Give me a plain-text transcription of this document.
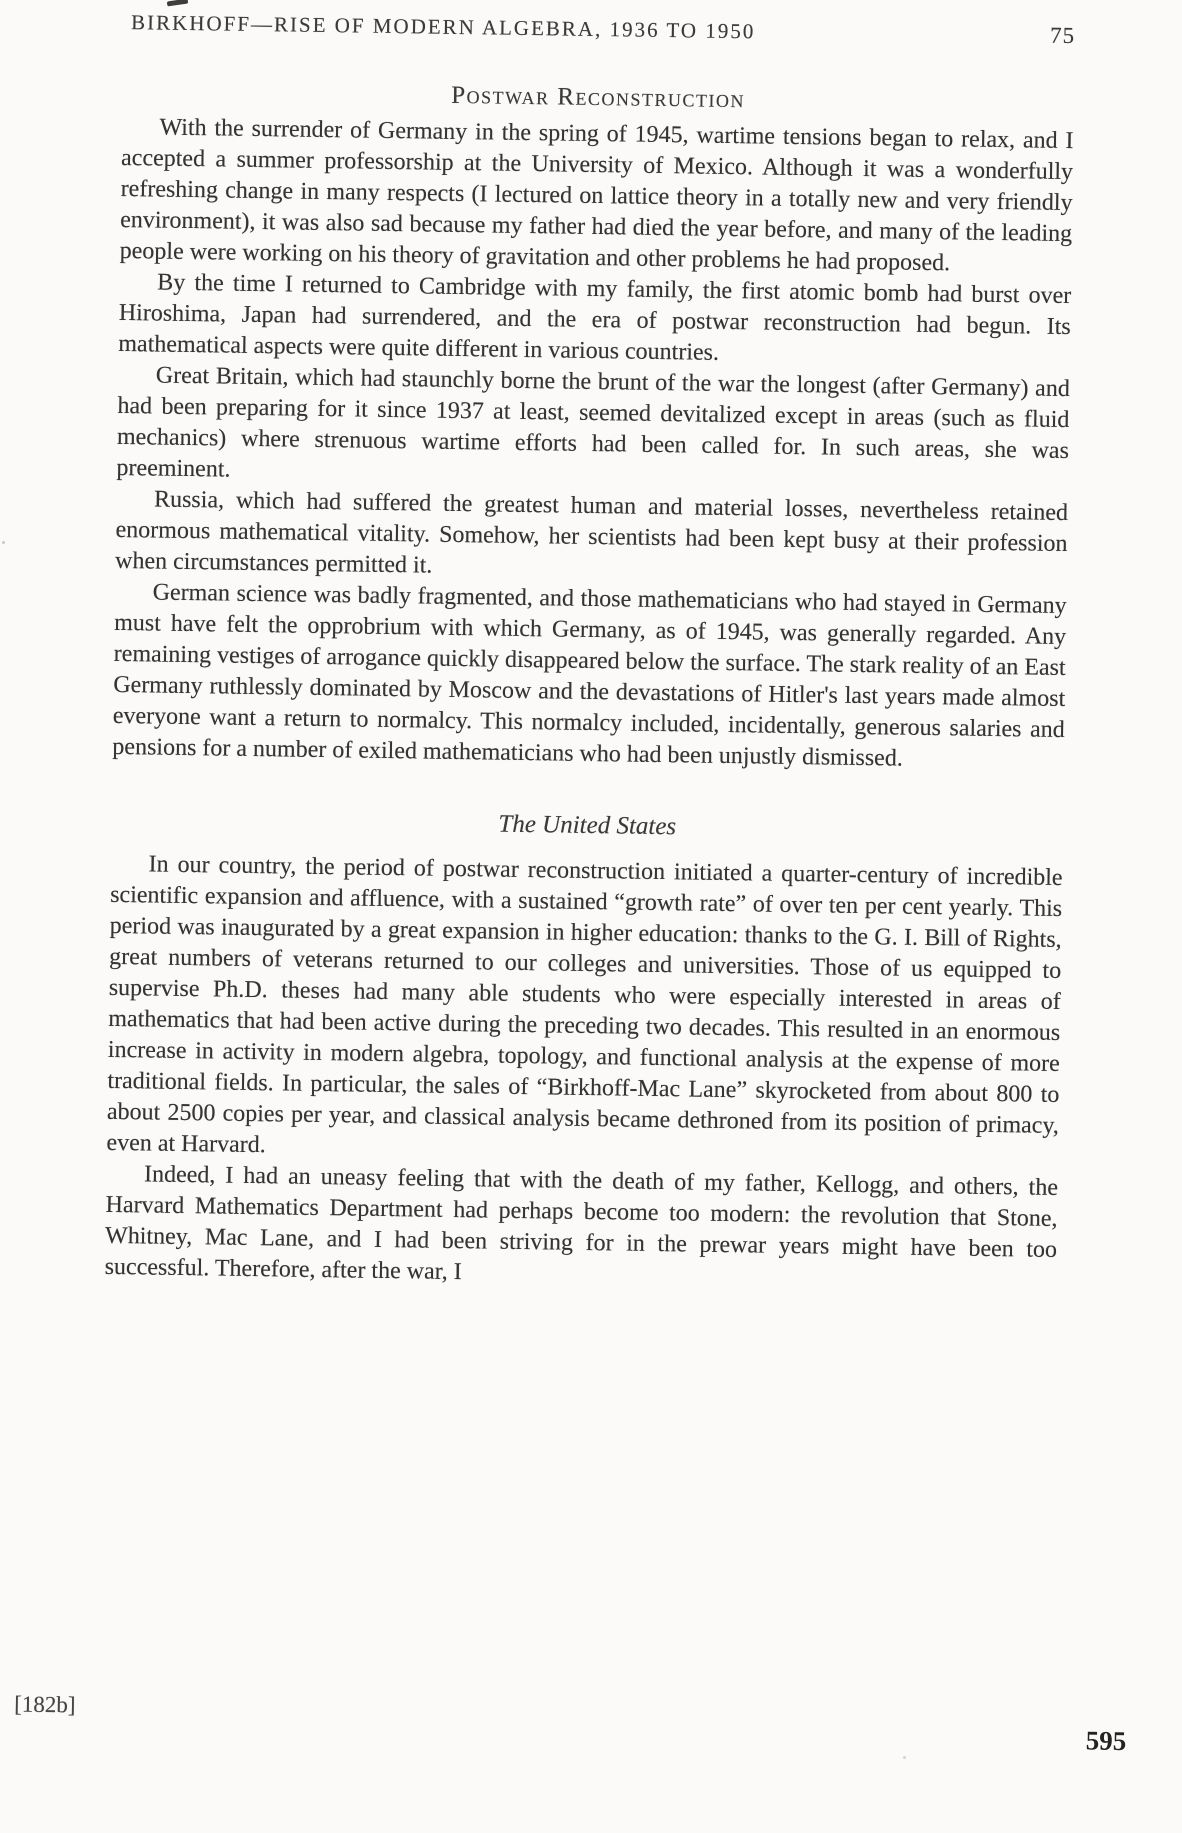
BIRKHOFF—RISE OF MODERN ALGEBRA, 1936 TO 1950	75
Postwar Reconstruction

With the surrender of Germany in the spring of 1945, wartime tensions began to relax, and I accepted a summer professorship at the University of Mexico. Although it was a wonderfully refreshing change in many respects (I lectured on lattice theory in a totally new and very friendly environment), it was also sad because my father had died the year before, and many of the leading people were working on his theory of gravitation and other problems he had proposed.

By the time I returned to Cambridge with my family, the first atomic bomb had burst over Hiroshima, Japan had surrendered, and the era of postwar reconstruction had begun. Its mathematical aspects were quite different in various countries.

Great Britain, which had staunchly borne the brunt of the war the longest (after Germany) and had been preparing for it since 1937 at least, seemed devitalized except in areas (such as fluid mechanics) where strenuous wartime efforts had been called for. In such areas, she was preeminent.

Russia, which had suffered the greatest human and material losses, nevertheless retained enormous mathematical vitality. Somehow, her scientists had been kept busy at their profession when circumstances permitted it.

German science was badly fragmented, and those mathematicians who had stayed in Germany must have felt the opprobrium with which Germany, as of 1945, was generally regarded. Any remaining vestiges of arrogance quickly disappeared below the surface. The stark reality of an East Germany ruthlessly dominated by Moscow and the devastations of Hitler's last years made almost everyone want a return to normalcy. This normalcy included, incidentally, generous salaries and pensions for a number of exiled mathematicians who had been unjustly dismissed.

The United States

In our country, the period of postwar reconstruction initiated a quarter-century of incredible scientific expansion and affluence, with a sustained “growth rate” of over ten per cent yearly. This period was inaugurated by a great expansion in higher education: thanks to the G. I. Bill of Rights, great numbers of veterans returned to our colleges and universities. Those of us equipped to supervise Ph.D. theses had many able students who were especially interested in areas of mathematics that had been active during the preceding two decades. This resulted in an enormous increase in activity in modern algebra, topology, and functional analysis at the expense of more traditional fields. In particular, the sales of “Birkhoff-Mac Lane” skyrocketed from about 800 to about 2500 copies per year, and classical analysis became dethroned from its position of primacy, even at Harvard.

Indeed, I had an uneasy feeling that with the death of my father, Kellogg, and others, the Harvard Mathematics Department had perhaps become too modern: the revolution that Stone, Whitney, Mac Lane, and I had been striving for in the prewar years might have been too successful. Therefore, after the war, I

[182b]
595
